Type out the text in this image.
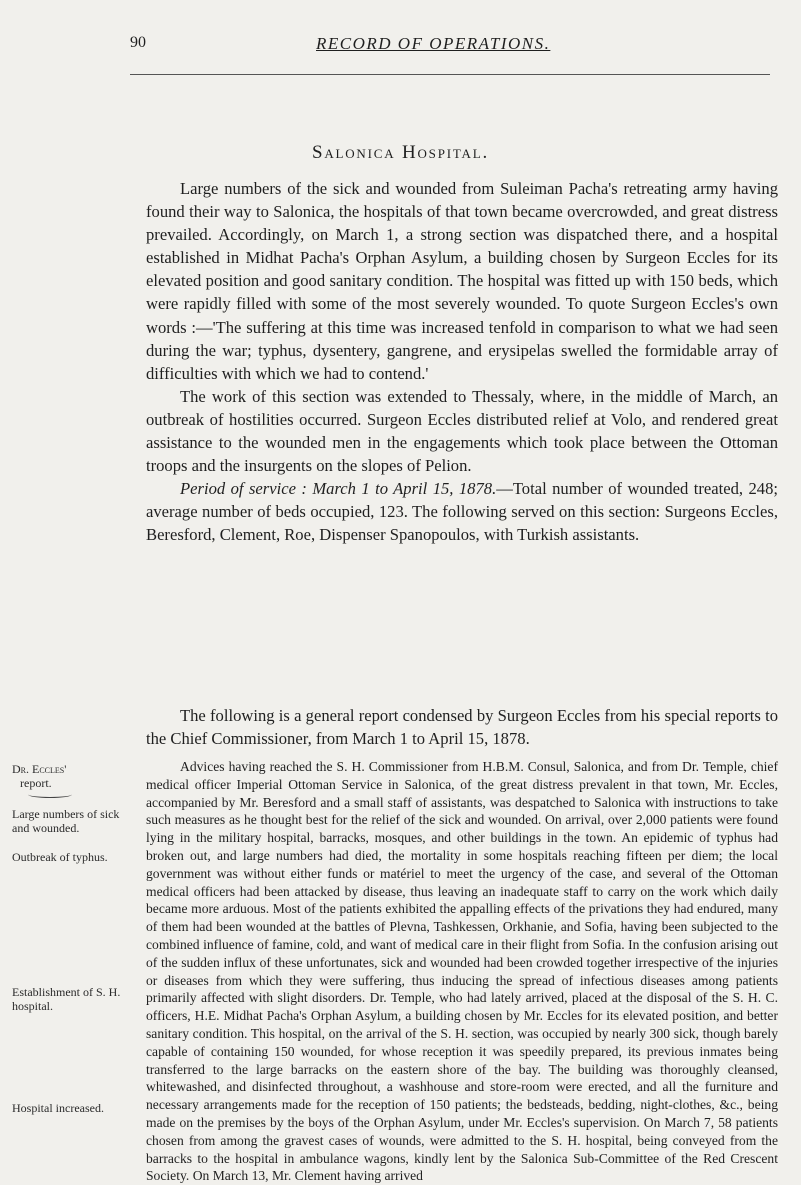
90	RECORD OF OPERATIONS.
Salonica Hospital.

Large numbers of the sick and wounded from Suleiman Pacha's retreating army having found their way to Salonica, the hospitals of that town became overcrowded, and great distress prevailed. Accordingly, on March 1, a strong section was dispatched there, and a hospital established in Midhat Pacha's Orphan Asylum, a building chosen by Surgeon Eccles for its elevated position and good sanitary condition. The hospital was fitted up with 150 beds, which were rapidly filled with some of the most severely wounded. To quote Surgeon Eccles's own words :—'The suffering at this time was increased tenfold in comparison to what we had seen during the war; typhus, dysentery, gangrene, and erysipelas swelled the formidable array of difficulties with which we had to contend.'

The work of this section was extended to Thessaly, where, in the middle of March, an outbreak of hostilities occurred. Surgeon Eccles distributed relief at Volo, and rendered great assistance to the wounded men in the engagements which took place between the Ottoman troops and the insurgents on the slopes of Pelion.

Period of service : March 1 to April 15, 1878.—Total number of wounded treated, 248; average number of beds occupied, 123. The following served on this section: Surgeons Eccles, Beresford, Clement, Roe, Dispenser Spanopoulos, with Turkish assistants.

The following is a general report condensed by Surgeon Eccles from his special reports to the Chief Commissioner, from March 1 to April 15, 1878.

Advices having reached the S. H. Commissioner from H.B.M. Consul, Salonica, and from Dr. Temple, chief medical officer Imperial Ottoman Service in Salonica, of the great distress prevalent in that town, Mr. Eccles, accompanied by Mr. Beresford and a small staff of assistants, was despatched to Salonica with instructions to take such measures as he thought best for the relief of the sick and wounded. On arrival, over 2,000 patients were found lying in the military hospital, barracks, mosques, and other buildings in the town. An epidemic of typhus had broken out, and large numbers had died, the mortality in some hospitals reaching fifteen per diem; the local government was without either funds or matériel to meet the urgency of the case, and several of the Ottoman medical officers had been attacked by disease, thus leaving an inadequate staff to carry on the work which daily became more arduous. Most of the patients exhibited the appalling effects of the privations they had endured, many of them had been wounded at the battles of Plevna, Tashkessen, Orkhanie, and Sofia, having been subjected to the combined influence of famine, cold, and want of medical care in their flight from Sofia. In the confusion arising out of the sudden influx of these unfortunates, sick and wounded had been crowded together irrespective of the injuries or diseases from which they were suffering, thus inducing the spread of infectious diseases among patients primarily affected with slight disorders. Dr. Temple, who had lately arrived, placed at the disposal of the S. H. C. officers, H.E. Midhat Pacha's Orphan Asylum, a building chosen by Mr. Eccles for its elevated position, and better sanitary condition. This hospital, on the arrival of the S. H. section, was occupied by nearly 300 sick, though barely capable of containing 150 wounded, for whose reception it was speedily prepared, its previous inmates being transferred to the large barracks on the eastern shore of the bay. The building was thoroughly cleansed, whitewashed, and disinfected throughout, a washhouse and store-room were erected, and all the furniture and necessary arrangements made for the reception of 150 patients; the bedsteads, bedding, night-clothes, &c., being made on the premises by the boys of the Orphan Asylum, under Mr. Eccles's supervision. On March 7, 58 patients chosen from among the gravest cases of wounds, were admitted to the S. H. hospital, being conveyed from the barracks to the hospital in ambulance wagons, kindly lent by the Salonica Sub-Committee of the Red Crescent Society. On March 13, Mr. Clement having arrived

Dr. Eccles'
report.
Large numbers of sick and wounded.
Outbreak of typhus.
Establishment of S. H. hospital.
Hospital increased.
